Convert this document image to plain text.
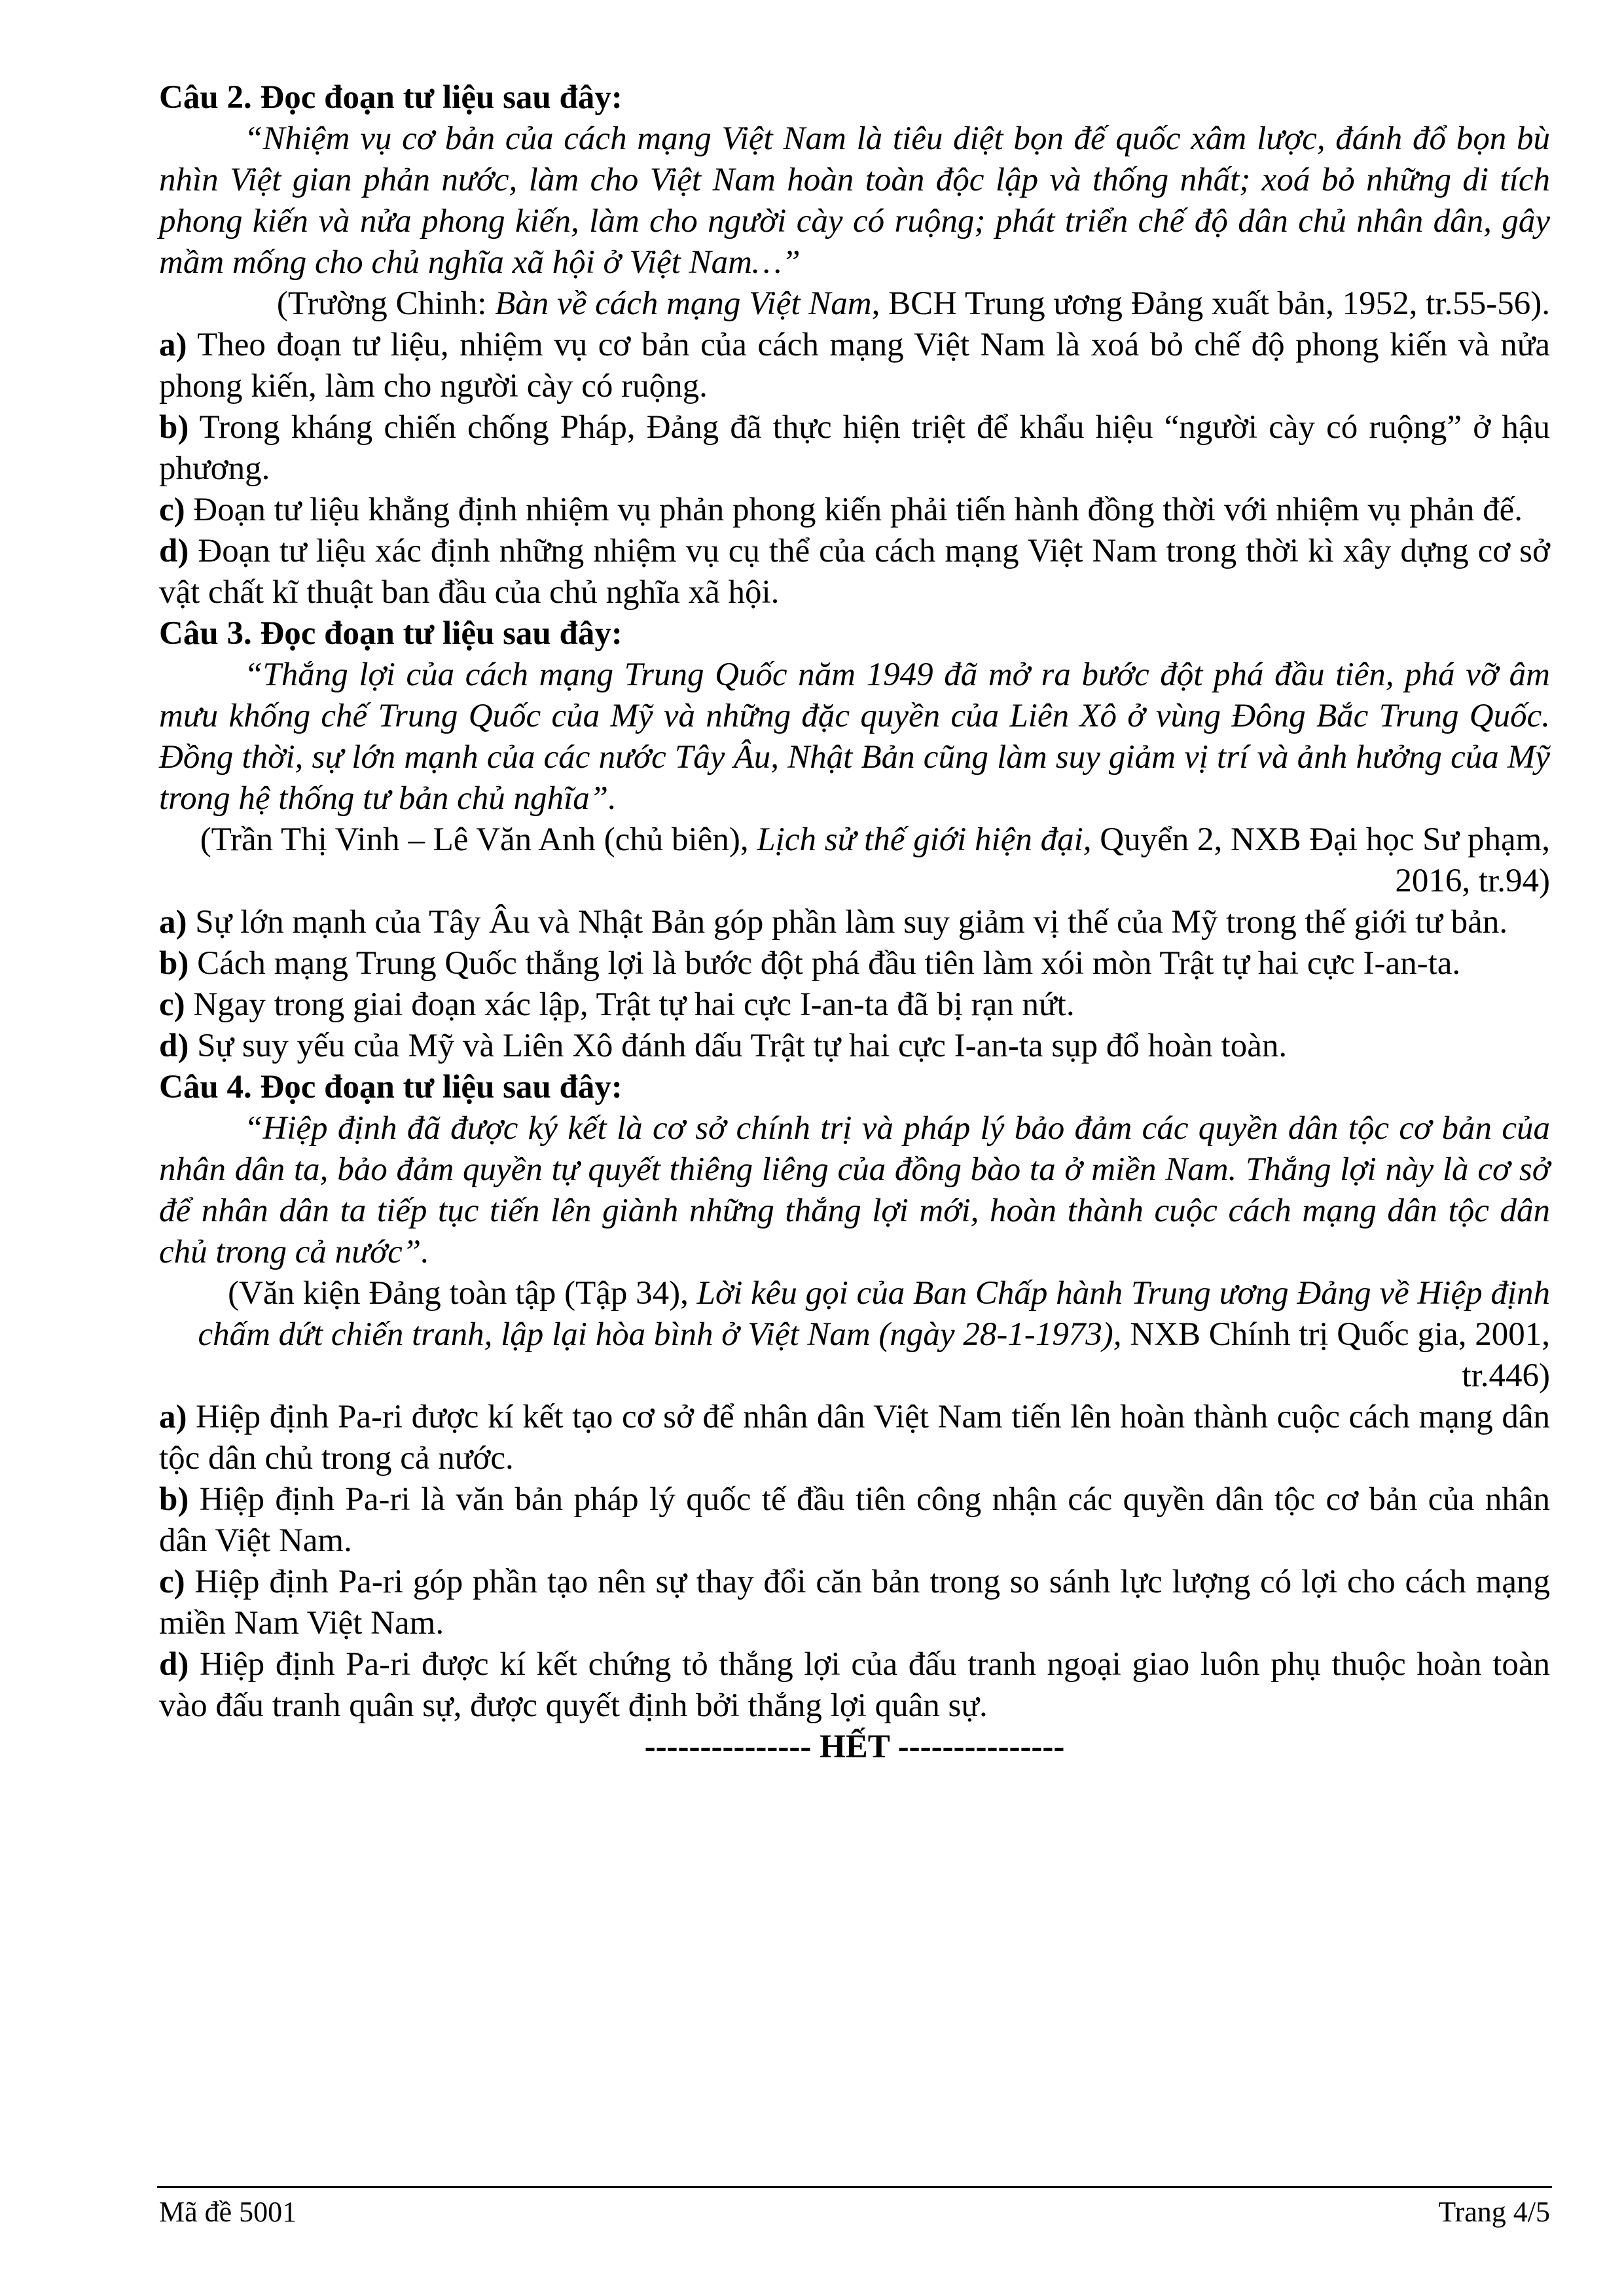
Câu 2. Đọc đoạn tư liệu sau đây:

“Nhiệm vụ cơ bản của cách mạng Việt Nam là tiêu diệt bọn đế quốc xâm lược, đánh đổ bọn bù nhìn Việt gian phản nước, làm cho Việt Nam hoàn toàn độc lập và thống nhất; xoá bỏ những di tích phong kiến và nửa phong kiến, làm cho người cày có ruộng; phát triển chế độ dân chủ nhân dân, gây mầm mống cho chủ nghĩa xã hội ở Việt Nam…”

(Trường Chinh: Bàn về cách mạng Việt Nam, BCH Trung ương Đảng xuất bản, 1952, tr.55-56).

a) Theo đoạn tư liệu, nhiệm vụ cơ bản của cách mạng Việt Nam là xoá bỏ chế độ phong kiến và nửa phong kiến, làm cho người cày có ruộng.

b) Trong kháng chiến chống Pháp, Đảng đã thực hiện triệt để khẩu hiệu “người cày có ruộng” ở hậu phương.

c) Đoạn tư liệu khẳng định nhiệm vụ phản phong kiến phải tiến hành đồng thời với nhiệm vụ phản đế.

d) Đoạn tư liệu xác định những nhiệm vụ cụ thể của cách mạng Việt Nam trong thời kì xây dựng cơ sở vật chất kĩ thuật ban đầu của chủ nghĩa xã hội.

Câu 3. Đọc đoạn tư liệu sau đây:

“Thắng lợi của cách mạng Trung Quốc năm 1949 đã mở ra bước đột phá đầu tiên, phá vỡ âm mưu khống chế Trung Quốc của Mỹ và những đặc quyền của Liên Xô ở vùng Đông Bắc Trung Quốc. Đồng thời, sự lớn mạnh của các nước Tây Âu, Nhật Bản cũng làm suy giảm vị trí và ảnh hưởng của Mỹ trong hệ thống tư bản chủ nghĩa”.

(Trần Thị Vinh – Lê Văn Anh (chủ biên), Lịch sử thế giới hiện đại, Quyển 2, NXB Đại học Sư phạm, 2016, tr.94)

a) Sự lớn mạnh của Tây Âu và Nhật Bản góp phần làm suy giảm vị thế của Mỹ trong thế giới tư bản.

b) Cách mạng Trung Quốc thắng lợi là bước đột phá đầu tiên làm xói mòn Trật tự hai cực I-an-ta.

c) Ngay trong giai đoạn xác lập, Trật tự hai cực I-an-ta đã bị rạn nứt.

d) Sự suy yếu của Mỹ và Liên Xô đánh dấu Trật tự hai cực I-an-ta sụp đổ hoàn toàn.

Câu 4. Đọc đoạn tư liệu sau đây:

“Hiệp định đã được ký kết là cơ sở chính trị và pháp lý bảo đảm các quyền dân tộc cơ bản của nhân dân ta, bảo đảm quyền tự quyết thiêng liêng của đồng bào ta ở miền Nam. Thắng lợi này là cơ sở để nhân dân ta tiếp tục tiến lên giành những thắng lợi mới, hoàn thành cuộc cách mạng dân tộc dân chủ trong cả nước”.

(Văn kiện Đảng toàn tập (Tập 34), Lời kêu gọi của Ban Chấp hành Trung ương Đảng về Hiệp định chấm dứt chiến tranh, lập lại hòa bình ở Việt Nam (ngày 28-1-1973), NXB Chính trị Quốc gia, 2001, tr.446)

a) Hiệp định Pa-ri được kí kết tạo cơ sở để nhân dân Việt Nam tiến lên hoàn thành cuộc cách mạng dân tộc dân chủ trong cả nước.

b) Hiệp định Pa-ri là văn bản pháp lý quốc tế đầu tiên công nhận các quyền dân tộc cơ bản của nhân dân Việt Nam.

c) Hiệp định Pa-ri góp phần tạo nên sự thay đổi căn bản trong so sánh lực lượng có lợi cho cách mạng miền Nam Việt Nam.

d) Hiệp định Pa-ri được kí kết chứng tỏ thắng lợi của đấu tranh ngoại giao luôn phụ thuộc hoàn toàn vào đấu tranh quân sự, được quyết định bởi thắng lợi quân sự.

--------------- HẾT ---------------

Mã đề 5001	Trang 4/5
